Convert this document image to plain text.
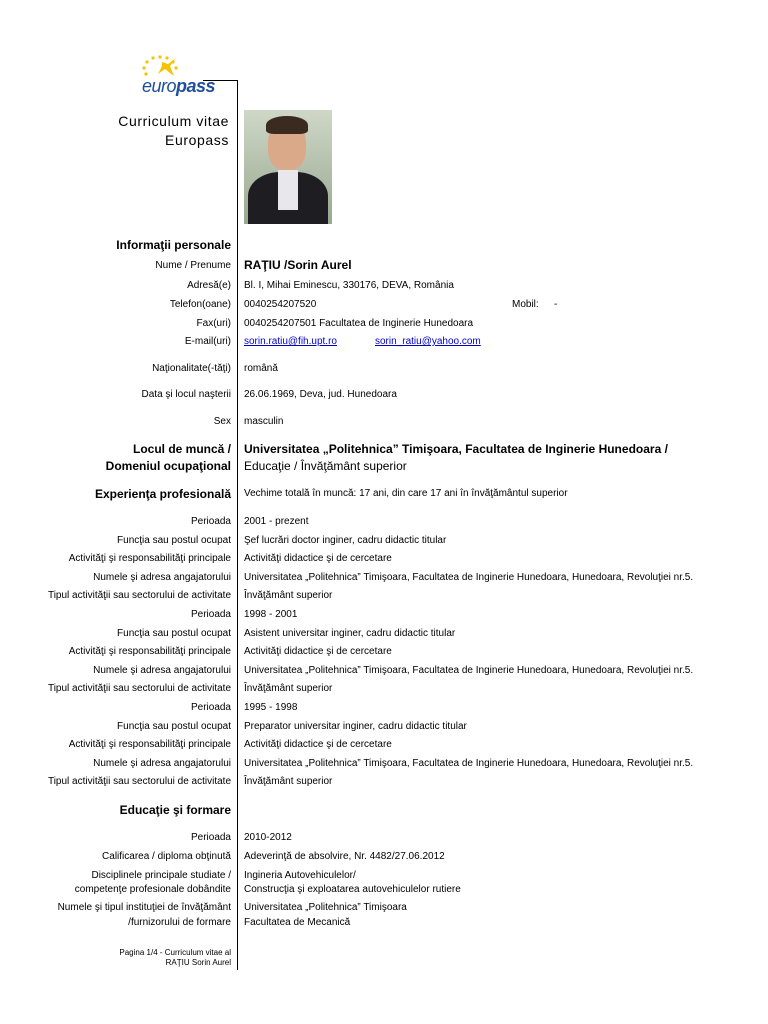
europass
Curriculum vitae
Europass
Informaţii personale
Nume / Prenume RAŢIU /Sorin Aurel
Adresă(e) Bl. I, Mihai Eminescu, 330176, DEVA, România
Telefon(oane) 0040254207520	Mobil: -
Fax(uri) 0040254207501 Facultatea de Inginerie Hunedoara
E-mail(uri) sorin.ratiu@fih.upt.ro	sorin_ratiu@yahoo.com
Naţionalitate(-tăţi) română
Data şi locul naşterii 26.06.1969, Deva, jud. Hunedoara
Sex masculin
Locul de muncă /
Domeniul ocupaţional
Universitatea „Politehnica” Timişoara, Facultatea de Inginerie Hunedoara /
Educaţie / Învăţământ superior
Experienţa profesională Vechime totală în muncă: 17 ani, din care 17 ani în învăţământul superior
Perioada 2001 - prezent
Funcţia sau postul ocupat Şef lucrări doctor inginer, cadru didactic titular
Activităţi şi responsabilităţi principale Activităţi didactice şi de cercetare
Numele şi adresa angajatorului Universitatea „Politehnica” Timişoara, Facultatea de Inginerie Hunedoara, Hunedoara, Revoluţiei nr.5.
Tipul activităţii sau sectorului de activitate Învăţământ superior
Perioada 1998 - 2001
Funcţia sau postul ocupat Asistent universitar inginer, cadru didactic titular
Activităţi şi responsabilităţi principale Activităţi didactice şi de cercetare
Numele şi adresa angajatorului Universitatea „Politehnica” Timişoara, Facultatea de Inginerie Hunedoara, Hunedoara, Revoluţiei nr.5.
Tipul activităţii sau sectorului de activitate Învăţământ superior
Perioada 1995 - 1998
Funcţia sau postul ocupat Preparator universitar inginer, cadru didactic titular
Activităţi şi responsabilităţi principale Activităţi didactice şi de cercetare
Numele şi adresa angajatorului Universitatea „Politehnica” Timişoara, Facultatea de Inginerie Hunedoara, Hunedoara, Revoluţiei nr.5.
Tipul activităţii sau sectorului de activitate Învăţământ superior
Educaţie şi formare
Perioada 2010-2012
Calificarea / diploma obţinută Adeverinţă de absolvire, Nr. 4482/27.06.2012
Disciplinele principale studiate /
competenţe profesionale dobândite
Ingineria Autovehiculelor/
Construcţia şi exploatarea autovehiculelor rutiere
Numele şi tipul instituţiei de învăţământ
/furnizorului de formare
Universitatea „Politehnica” Timişoara
Facultatea de Mecanică
Pagina 1/4 - Curriculum vitae al
RAŢIU Sorin Aurel
